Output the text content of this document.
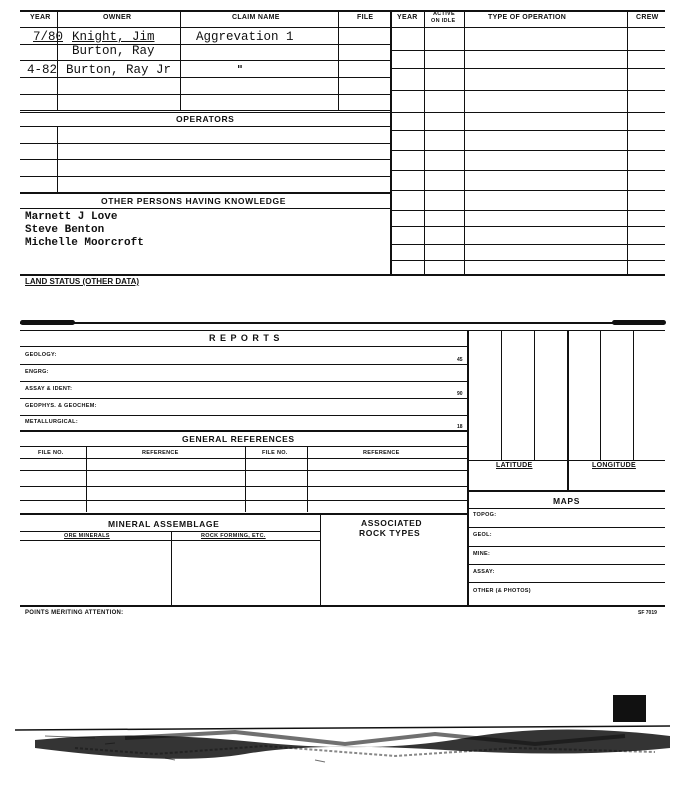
YEAR	OWNER	CLAIM NAME	FILE	YEAR	ACTIVE
ON IDLE	TYPE OF OPERATION	CREW
7/80 Knight, Jim	Aggrevation 1
Burton, Ray
4-82 Burton, Ray Jr	"
OPERATORS
OTHER PERSONS HAVING KNOWLEDGE
Marnett J Love
Steve Benton
Michelle Moorcroft
LAND STATUS (OTHER DATA)
R E P O R T S
GEOLOGY:
45
ENGRG:
ASSAY & IDENT:
90
GEOPHYS. & GEOCHEM:
METALLURGICAL:
18
GENERAL REFERENCES
FILE NO.	REFERENCE	FILE NO.	REFERENCE
MINERAL ASSEMBLAGE	ASSOCIATED
ROCK TYPES
ORE MINERALS	ROCK FORMING, ETC.
LATITUDE	LONGITUDE
MAPS
TOPOG:
GEOL:
MINE:
ASSAY:
OTHER (& PHOTOS)
POINTS MERITING ATTENTION:	SF 7019
